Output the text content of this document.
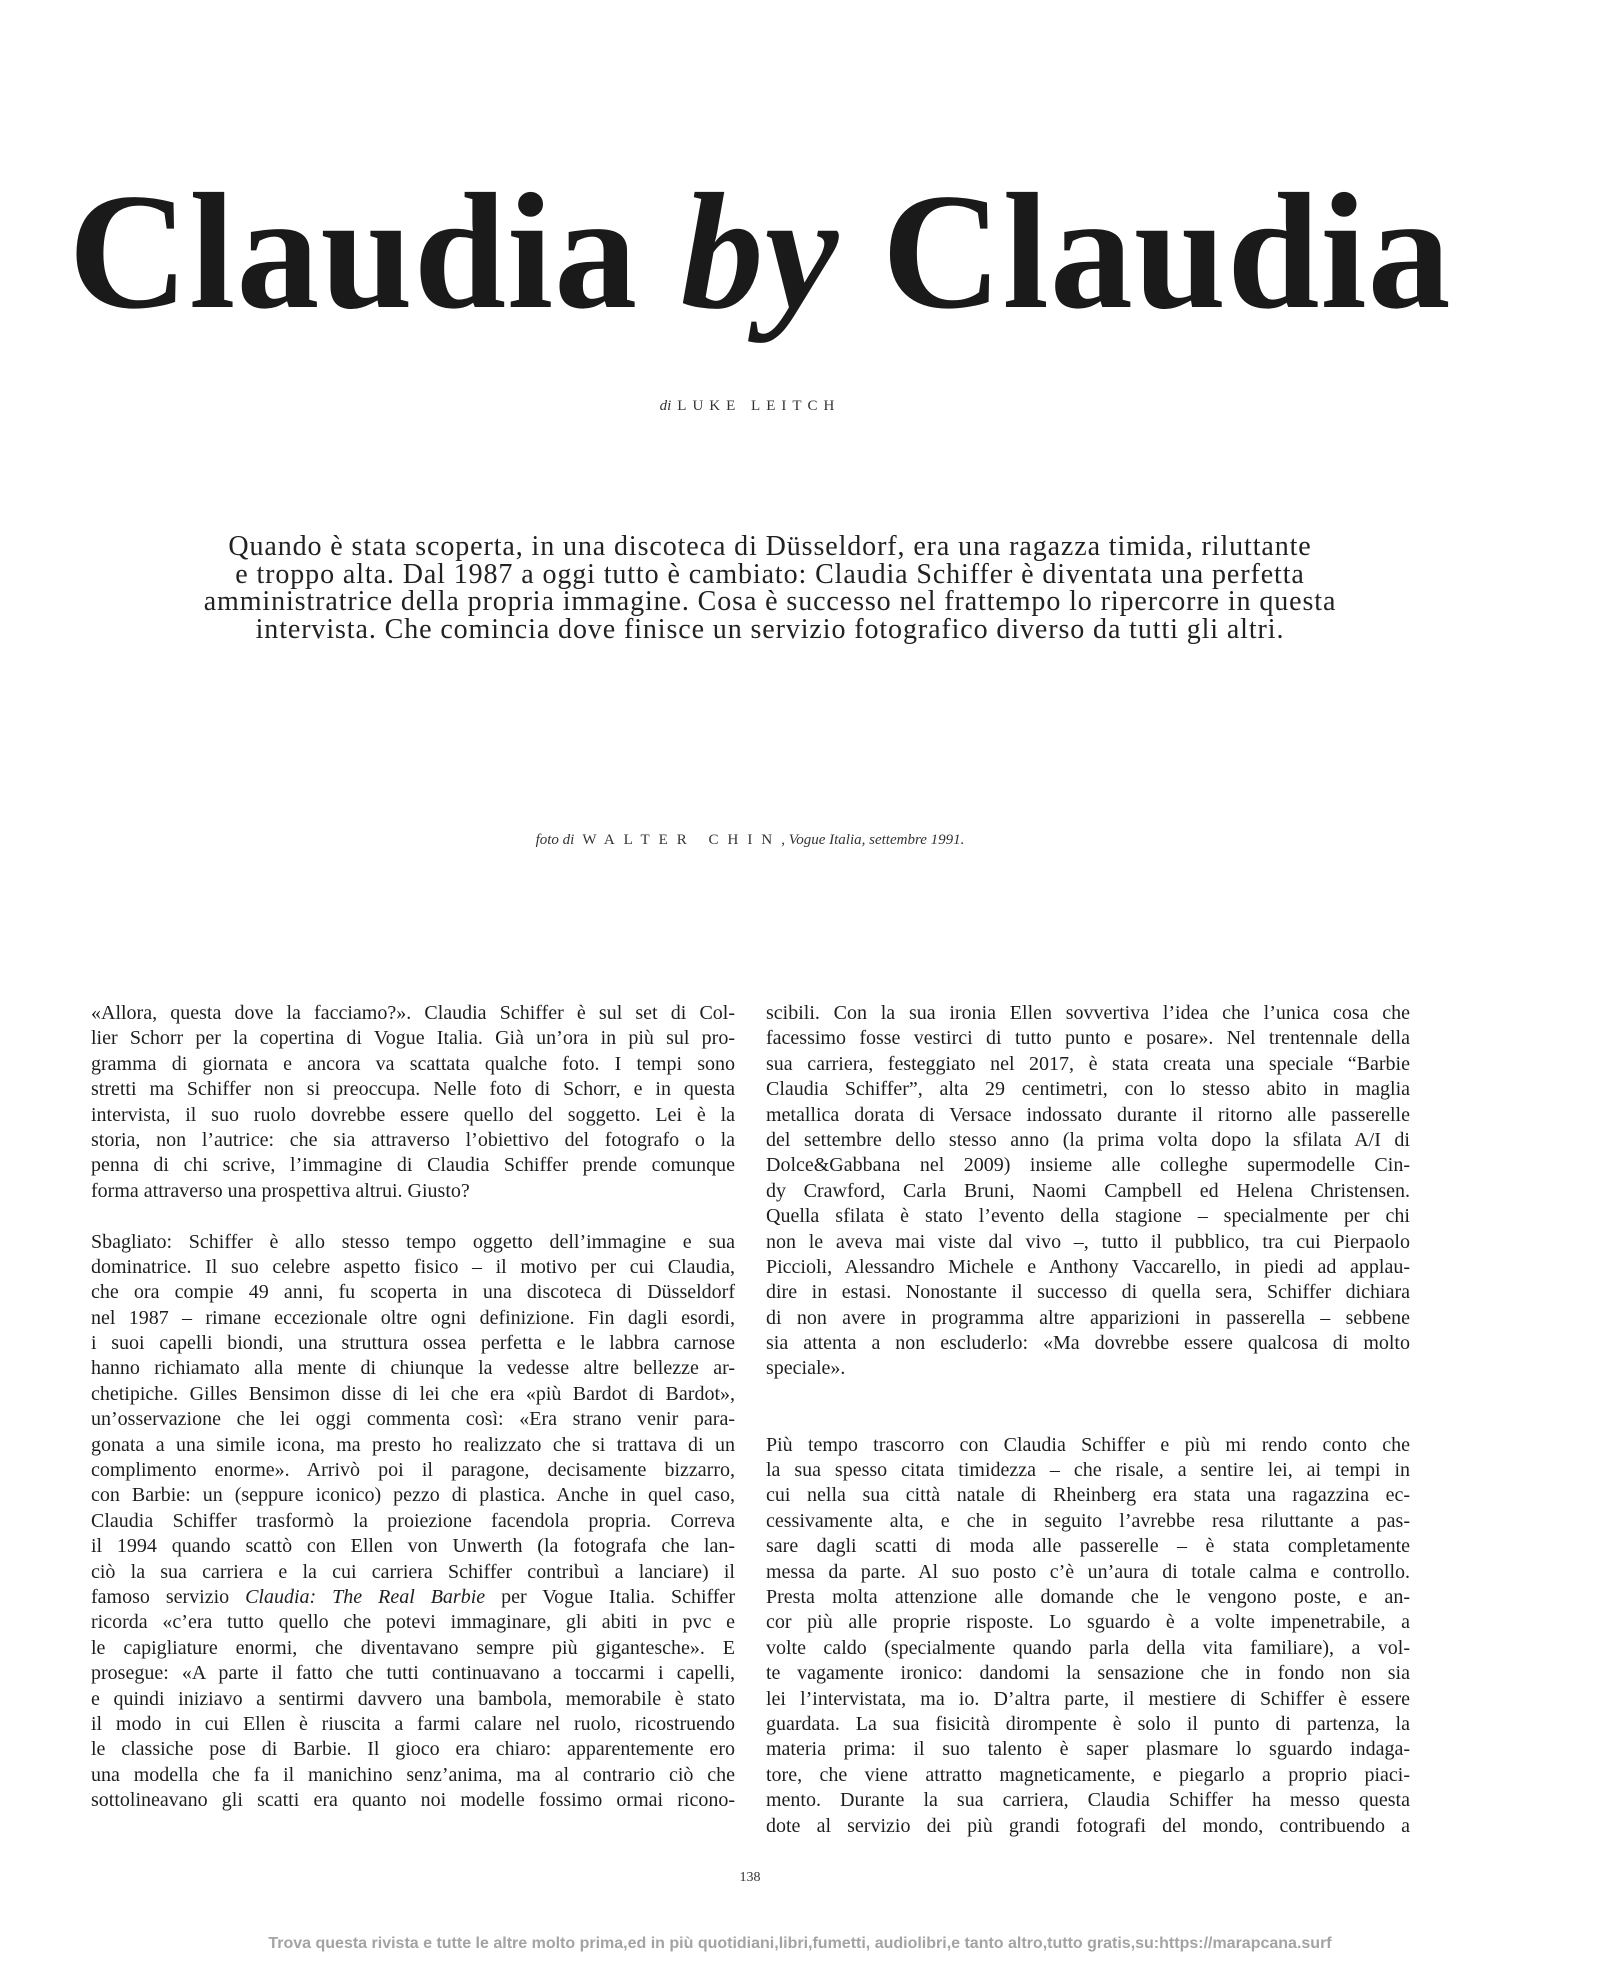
Claudia by Claudia
di LUKE LEITCH
Quando è stata scoperta, in una discoteca di Düsseldorf, era una ragazza timida, riluttante
e troppo alta. Dal 1987 a oggi tutto è cambiato: Claudia Schiffer è diventata una perfetta
amministratrice della propria immagine. Cosa è successo nel frattempo lo ripercorre in questa
intervista. Che comincia dove finisce un servizio fotografico diverso da tutti gli altri.
foto di WALTER CHIN, Vogue Italia, settembre 1991.
«Allora, questa dove la facciamo?». Claudia Schiffer è sul set di Col-
lier Schorr per la copertina di Vogue Italia. Già un’ora in più sul pro-
gramma di giornata e ancora va scattata qualche foto. I tempi sono
stretti ma Schiffer non si preoccupa. Nelle foto di Schorr, e in questa
intervista, il suo ruolo dovrebbe essere quello del soggetto. Lei è la
storia, non l’autrice: che sia attraverso l’obiettivo del fotografo o la
penna di chi scrive, l’immagine di Claudia Schiffer prende comunque
forma attraverso una prospettiva altrui. Giusto?
Sbagliato: Schiffer è allo stesso tempo oggetto dell’immagine e sua
dominatrice. Il suo celebre aspetto fisico – il motivo per cui Claudia,
che ora compie 49 anni, fu scoperta in una discoteca di Düsseldorf
nel 1987 – rimane eccezionale oltre ogni definizione. Fin dagli esordi,
i suoi capelli biondi, una struttura ossea perfetta e le labbra carnose
hanno richiamato alla mente di chiunque la vedesse altre bellezze ar-
chetipiche. Gilles Bensimon disse di lei che era «più Bardot di Bardot»,
un’osservazione che lei oggi commenta così: «Era strano venir para-
gonata a una simile icona, ma presto ho realizzato che si trattava di un
complimento enorme». Arrivò poi il paragone, decisamente bizzarro,
con Barbie: un (seppure iconico) pezzo di plastica. Anche in quel caso,
Claudia Schiffer trasformò la proiezione facendola propria. Correva
il 1994 quando scattò con Ellen von Unwerth (la fotografa che lan-
ciò la sua carriera e la cui carriera Schiffer contribuì a lanciare) il
famoso servizio Claudia: The Real Barbie per Vogue Italia. Schiffer
ricorda «c’era tutto quello che potevi immaginare, gli abiti in pvc e
le capigliature enormi, che diventavano sempre più gigantesche». E
prosegue: «A parte il fatto che tutti continuavano a toccarmi i capelli,
e quindi iniziavo a sentirmi davvero una bambola, memorabile è stato
il modo in cui Ellen è riuscita a farmi calare nel ruolo, ricostruendo
le classiche pose di Barbie. Il gioco era chiaro: apparentemente ero
una modella che fa il manichino senz’anima, ma al contrario ciò che
sottolineavano gli scatti era quanto noi modelle fossimo ormai ricono-
scibili. Con la sua ironia Ellen sovvertiva l’idea che l’unica cosa che
facessimo fosse vestirci di tutto punto e posare». Nel trentennale della
sua carriera, festeggiato nel 2017, è stata creata una speciale “Barbie
Claudia Schiffer”, alta 29 centimetri, con lo stesso abito in maglia
metallica dorata di Versace indossato durante il ritorno alle passerelle
del settembre dello stesso anno (la prima volta dopo la sfilata A/I di
Dolce&Gabbana nel 2009) insieme alle colleghe supermodelle Cin-
dy Crawford, Carla Bruni, Naomi Campbell ed Helena Christensen.
Quella sfilata è stato l’evento della stagione – specialmente per chi
non le aveva mai viste dal vivo –, tutto il pubblico, tra cui Pierpaolo
Piccioli, Alessandro Michele e Anthony Vaccarello, in piedi ad applau-
dire in estasi. Nonostante il successo di quella sera, Schiffer dichiara
di non avere in programma altre apparizioni in passerella – sebbene
sia attenta a non escluderlo: «Ma dovrebbe essere qualcosa di molto
speciale».
Più tempo trascorro con Claudia Schiffer e più mi rendo conto che
la sua spesso citata timidezza – che risale, a sentire lei, ai tempi in
cui nella sua città natale di Rheinberg era stata una ragazzina ec-
cessivamente alta, e che in seguito l’avrebbe resa riluttante a pas-
sare dagli scatti di moda alle passerelle – è stata completamente
messa da parte. Al suo posto c’è un’aura di totale calma e controllo.
Presta molta attenzione alle domande che le vengono poste, e an-
cor più alle proprie risposte. Lo sguardo è a volte impenetrabile, a
volte caldo (specialmente quando parla della vita familiare), a vol-
te vagamente ironico: dandomi la sensazione che in fondo non sia
lei l’intervistata, ma io. D’altra parte, il mestiere di Schiffer è essere
guardata. La sua fisicità dirompente è solo il punto di partenza, la
materia prima: il suo talento è saper plasmare lo sguardo indaga-
tore, che viene attratto magneticamente, e piegarlo a proprio piaci-
mento. Durante la sua carriera, Claudia Schiffer ha messo questa
dote al servizio dei più grandi fotografi del mondo, contribuendo a
138
Trova questa rivista e tutte le altre molto prima,ed in più quotidiani,libri,fumetti, audiolibri,e tanto altro,tutto gratis,su:https://marapcana.surf
